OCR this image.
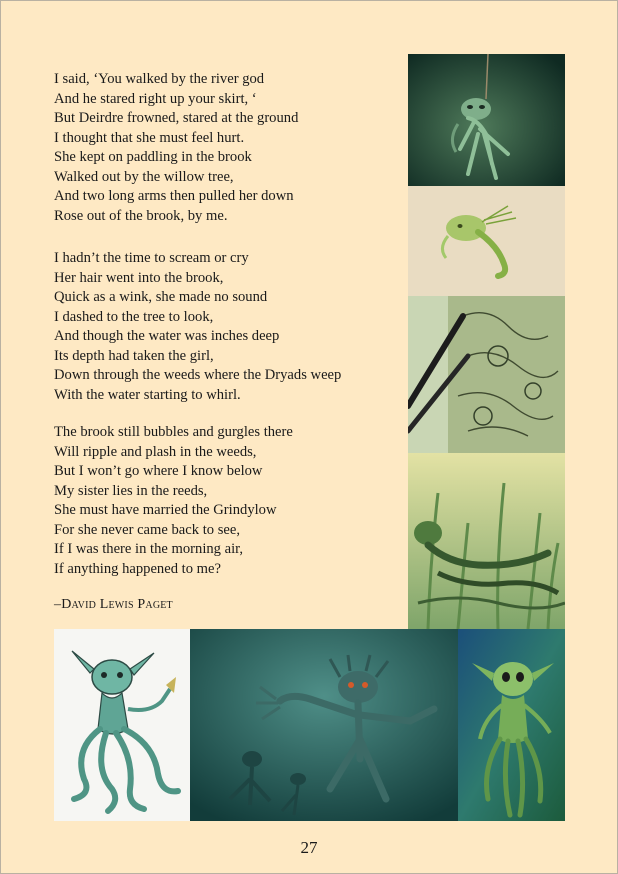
I said, ‘You walked by the river god
And he stared right up your skirt, ‘
But Deirdre frowned, stared at the ground
I thought that she must feel hurt.
She kept on paddling in the brook
Walked out by the willow tree,
And two long arms then pulled her down
Rose out of the brook, by me.
I hadn’t the time to scream or cry
Her hair went into the brook,
Quick as a wink, she made no sound
I dashed to the tree to look,
And though the water was inches deep
Its depth had taken the girl,
Down through the weeds where the Dryads weep
With the water starting to whirl.
The brook still bubbles and gurgles there
Will ripple and plash in the weeds,
But I won’t go where I know below
My sister lies in the reeds,
She must have married the Grindylow
For she never came back to see,
If I was there in the morning air,
If anything happened to me?
–David Lewis Paget
27
